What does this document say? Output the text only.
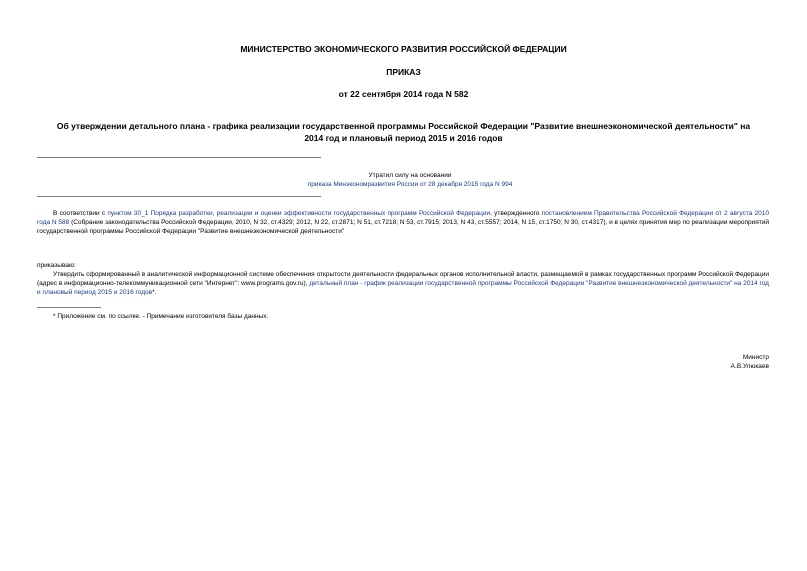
МИНИСТЕРСТВО ЭКОНОМИЧЕСКОГО РАЗВИТИЯ РОССИЙСКОЙ ФЕДЕРАЦИИ
ПРИКАЗ
от 22 сентября 2014 года N 582
Об утверждении детального плана - графика реализации государственной программы Российской Федерации "Развитие внешнеэкономической деятельности" на
2014 год и плановый период 2015 и 2016 годов
Утратил силу на основании
приказа Минэкономразвития России от 28 декабря 2015 года N 994

В соответствии с пунктом 30_1 Порядка разработки, реализации и оценки эффективности государственных программ Российской Федерации, утвержденного постановлением Правительства Российской Федерации от 2 августа 2010 года N 588 (Собрание законодательства Российской Федерации, 2010, N 32, ст.4329; 2012, N 22, ст.2871; N 51, ст.7218; N 53, ст.7915; 2013, N 43, ст.5557; 2014, N 15, ст.1750; N 30, ст.4317), и в целях принятия мер по реализации мероприятий государственной программы Российской Федерации "Развитие внешнеэкономической деятельности"

приказываю:

Утвердить сформированный в аналитической информационной системе обеспечения открытости деятельности федеральных органов исполнительной власти, размещаемой в рамках государственных программ Российской Федерации (адрес в информационно-телекоммуникационной сети "Интернет": www.programs.gov.ru), детальный план - график реализации государственной программы Российской Федерации "Развитие внешнеэкономической деятельности" на 2014 год и плановый период 2015 и 2016 годов*.

* Приложение см. по ссылке. - Примечание изготовителя базы данных.
Министр
А.В.Улюкаев
